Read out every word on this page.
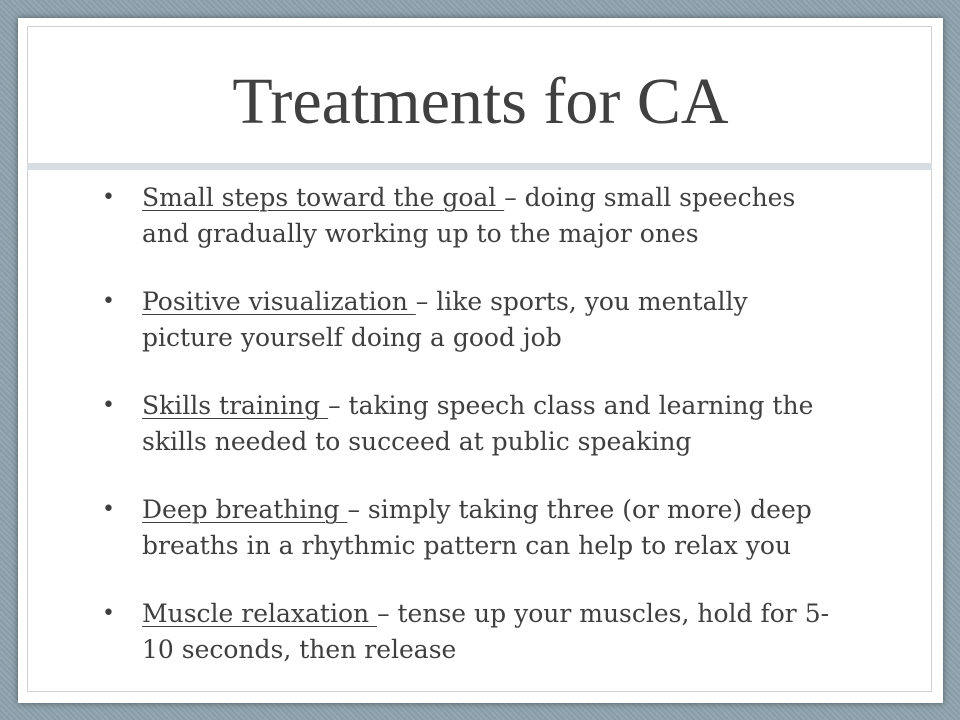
Treatments for CA
• Small steps toward the goal – doing small speeches and gradually working up to the major ones
• Positive visualization – like sports, you mentally picture yourself doing a good job
• Skills training – taking speech class and learning the skills needed to succeed at public speaking
• Deep breathing – simply taking three (or more) deep breaths in a rhythmic pattern can help to relax you
• Muscle relaxation – tense up your muscles, hold for 5-10 seconds, then release
